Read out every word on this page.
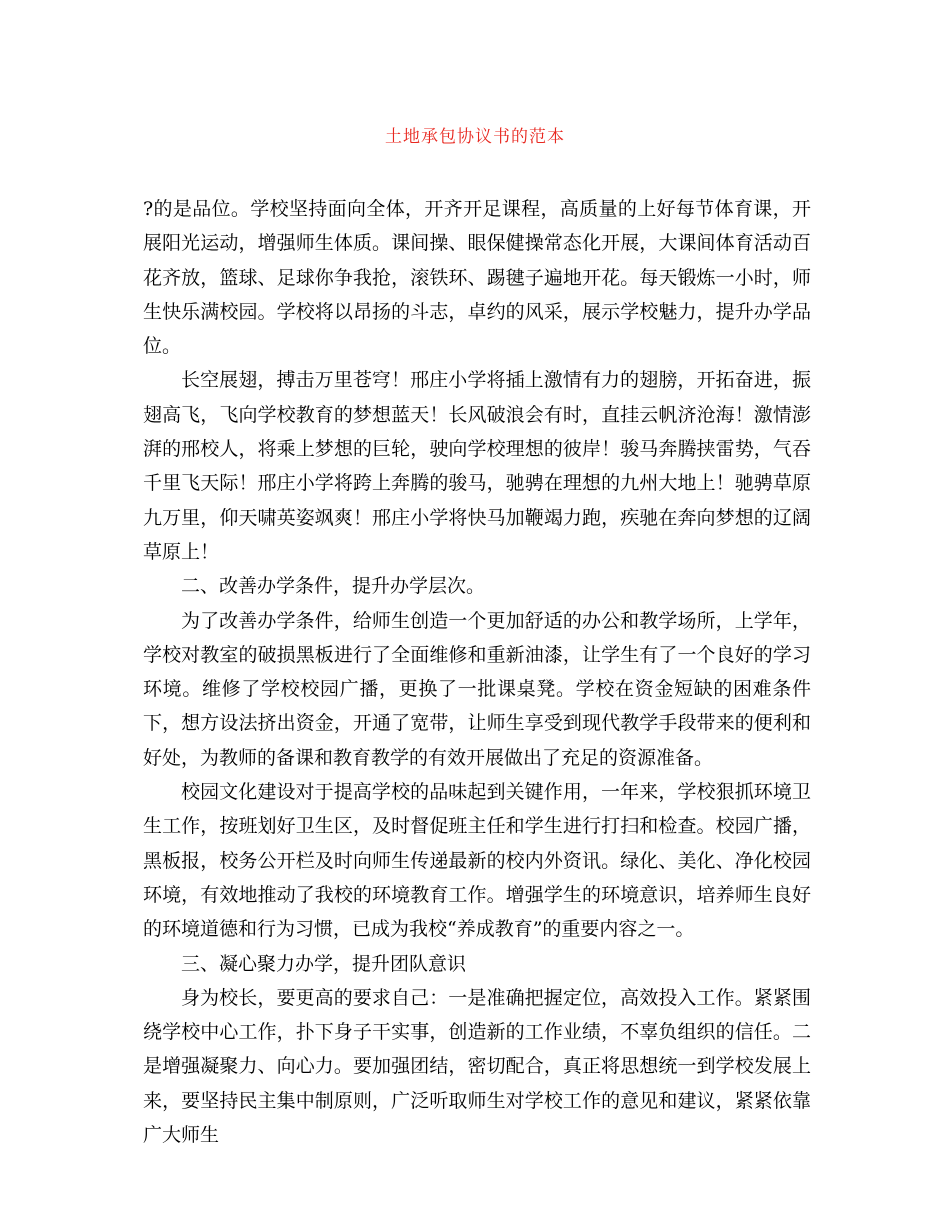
土地承包协议书的范本

?的是品位。学校坚持面向全体，开齐开足课程，高质量的上好每节体育课，开展阳光运动，增强师生体质。课间操、眼保健操常态化开展，大课间体育活动百花齐放，篮球、足球你争我抢，滚铁环、踢毽子遍地开花。每天锻炼一小时，师生快乐满校园。学校将以昂扬的斗志，卓约的风采，展示学校魅力，提升办学品位。

长空展翅，搏击万里苍穹！邢庄小学将插上激情有力的翅膀，开拓奋进，振翅高飞，飞向学校教育的梦想蓝天！长风破浪会有时，直挂云帆济沧海！激情澎湃的邢校人，将乘上梦想的巨轮，驶向学校理想的彼岸！骏马奔腾挟雷势，气吞千里飞天际！邢庄小学将跨上奔腾的骏马，驰骋在理想的九州大地上！驰骋草原九万里，仰天啸英姿飒爽！邢庄小学将快马加鞭竭力跑，疾驰在奔向梦想的辽阔草原上！

二、改善办学条件，提升办学层次。

为了改善办学条件，给师生创造一个更加舒适的办公和教学场所，上学年，学校对教室的破损黑板进行了全面维修和重新油漆，让学生有了一个良好的学习环境。维修了学校校园广播，更换了一批课桌凳。学校在资金短缺的困难条件下，想方设法挤出资金，开通了宽带，让师生享受到现代教学手段带来的便利和好处，为教师的备课和教育教学的有效开展做出了充足的资源准备。

校园文化建设对于提高学校的品味起到关键作用，一年来，学校狠抓环境卫生工作，按班划好卫生区，及时督促班主任和学生进行打扫和检查。校园广播，黑板报，校务公开栏及时向师生传递最新的校内外资讯。绿化、美化、净化校园环境，有效地推动了我校的环境教育工作。增强学生的环境意识，培养师生良好的环境道德和行为习惯，已成为我校“养成教育”的重要内容之一。

三、凝心聚力办学，提升团队意识

身为校长，要更高的要求自己：一是准确把握定位，高效投入工作。紧紧围绕学校中心工作，扑下身子干实事，创造新的工作业绩，不辜负组织的信任。二是增强凝聚力、向心力。要加强团结，密切配合，真正将思想统一到学校发展上来，要坚持民主集中制原则，广泛听取师生对学校工作的意见和建议，紧紧依靠广大师生
